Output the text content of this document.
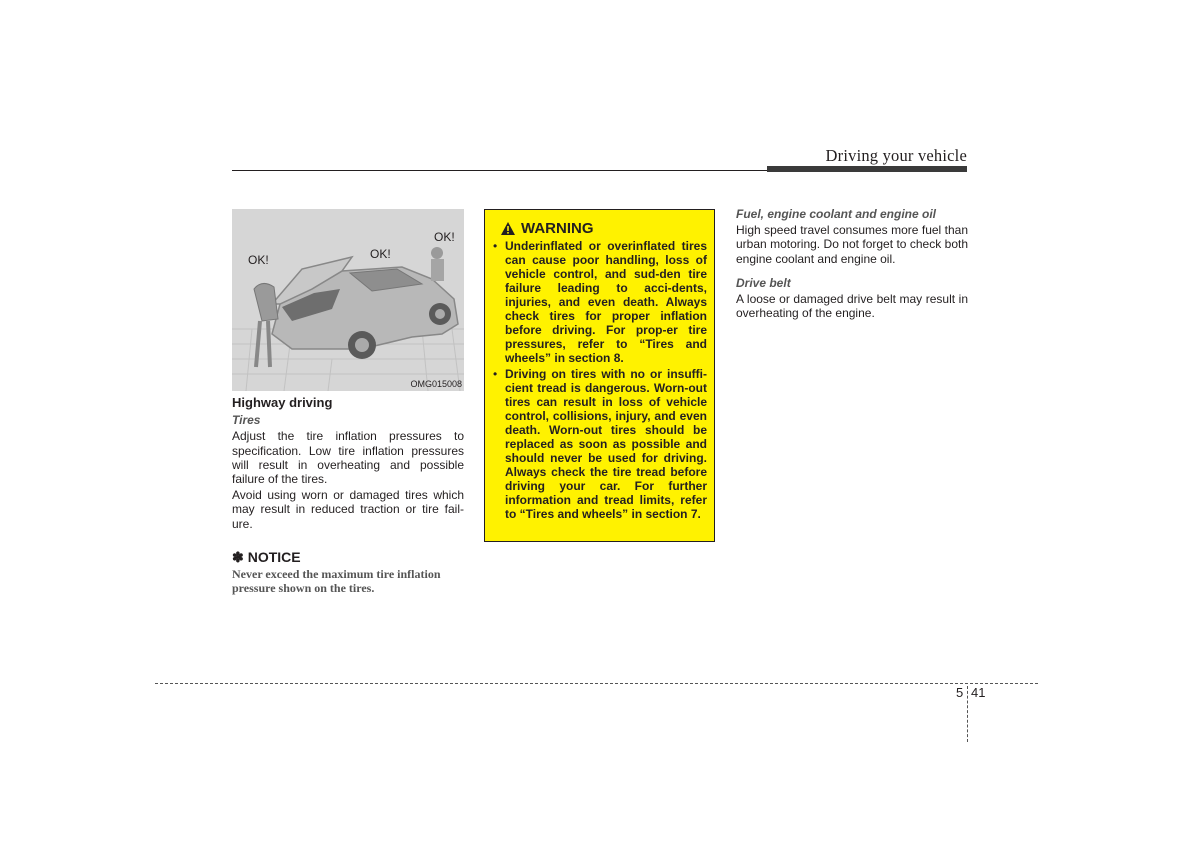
Driving your vehicle
OK!	OK!
OK!
OMG015008
Highway driving
Tires

Adjust the tire inflation pressures to specification. Low tire inflation pressures will result in overheating and possible failure of the tires.

Avoid using worn or damaged tires which may result in reduced traction or tire fail-ure.

✽ NOTICE
Never exceed the maximum tire inflation pressure shown on the tires.
WARNING
• Underinflated or overinflated tires can cause poor handling, loss of vehicle control, and sud-den tire failure leading to acci-dents, injuries, and even death. Always check tires for proper inflation before driving. For prop-er tire pressures, refer to “Tires and wheels” in section 8.
• Driving on tires with no or insuffi-cient tread is dangerous. Worn-out tires can result in loss of vehicle control, collisions, injury, and even death. Worn-out tires should be replaced as soon as possible and should never be used for driving. Always check the tire tread before driving your car. For further information and tread limits, refer to “Tires and wheels” in section 7.
Fuel, engine coolant and engine oil

High speed travel consumes more fuel than urban motoring. Do not forget to check both engine coolant and engine oil.

Drive belt

A loose or damaged drive belt may result in overheating of the engine.

5 41
